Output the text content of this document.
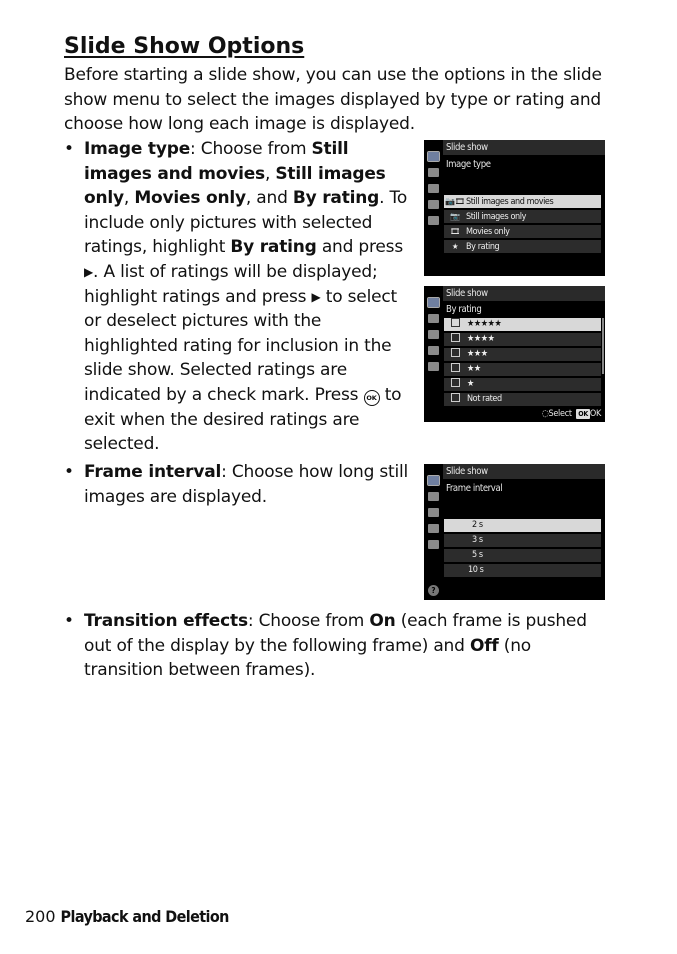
Slide Show Options

Before starting a slide show, you can use the options in the slide show menu to select the images displayed by type or rating and choose how long each image is displayed.

• Image type: Choose from Still images and movies, Still images only, Movies only, and By rating. To include only pictures with selected ratings, highlight By rating and press ▶. A list of ratings will be displayed; highlight ratings and press ▶ to select or deselect pictures with the highlighted rating for inclusion in the slide show. Selected ratings are indicated by a check mark. Press OK to exit when the desired ratings are selected.
• Frame interval: Choose how long still images are displayed.
• Transition effects: Choose from On (each frame is pushed out of the display by the following frame) and Off (no transition between frames).
Slide show
Image type
📷🎞Still images and movies
📷 Still images only
🎞 Movies only
★ By rating
Slide show
By rating
★★★★★
★★★★
★★★
★★
★
Not rated
◌Select OK OK
Slide show
Frame interval
2 s
3 s
5 s
10 s
?
200 Playback and Deletion
